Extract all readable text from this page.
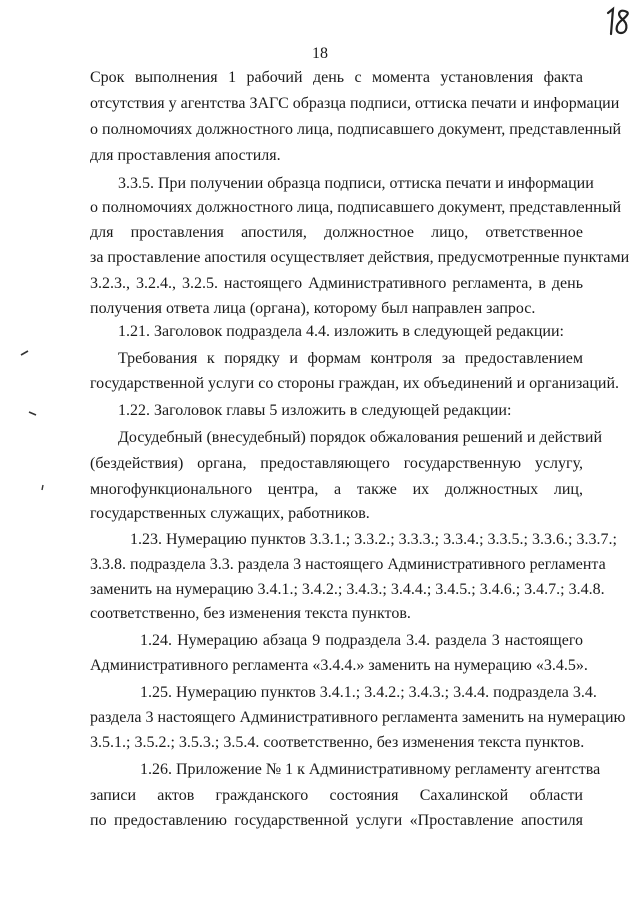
18
Срок выполнения 1 рабочий день с момента установления факта
отсутствия у агентства ЗАГС образца подписи, оттиска печати и информации
о полномочиях должностного лица, подписавшего документ, представленный
для проставления апостиля.
3.3.5. При получении образца подписи, оттиска печати и информации
о полномочиях должностного лица, подписавшего документ, представленный
для проставления апостиля, должностное лицо, ответственное
за проставление апостиля осуществляет действия, предусмотренные пунктами
3.2.3., 3.2.4., 3.2.5. настоящего Административного регламента, в день
получения ответа лица (органа), которому был направлен запрос.
1.21. Заголовок подраздела 4.4. изложить в следующей редакции:
Требования к порядку и формам контроля за предоставлением
государственной услуги со стороны граждан, их объединений и организаций.
1.22. Заголовок главы 5 изложить в следующей редакции:
Досудебный (внесудебный) порядок обжалования решений и действий
(бездействия) органа, предоставляющего государственную услугу,
многофункционального центра, а также их должностных лиц,
государственных служащих, работников.
1.23. Нумерацию пунктов 3.3.1.; 3.3.2.; 3.3.3.; 3.3.4.; 3.3.5.; 3.3.6.; 3.3.7.;
3.3.8. подраздела 3.3. раздела 3 настоящего Административного регламента
заменить на нумерацию 3.4.1.; 3.4.2.; 3.4.3.; 3.4.4.; 3.4.5.; 3.4.6.; 3.4.7.; 3.4.8.
соответственно, без изменения текста пунктов.
1.24. Нумерацию абзаца 9 подраздела 3.4. раздела 3 настоящего
Административного регламента «3.4.4.» заменить на нумерацию «3.4.5».
1.25. Нумерацию пунктов 3.4.1.; 3.4.2.; 3.4.3.; 3.4.4. подраздела 3.4.
раздела 3 настоящего Административного регламента заменить на нумерацию
3.5.1.; 3.5.2.; 3.5.3.; 3.5.4. соответственно, без изменения текста пунктов.
1.26. Приложение № 1 к Административному регламенту агентства
записи актов гражданского состояния Сахалинской области
по предоставлению государственной услуги «Проставление апостиля
